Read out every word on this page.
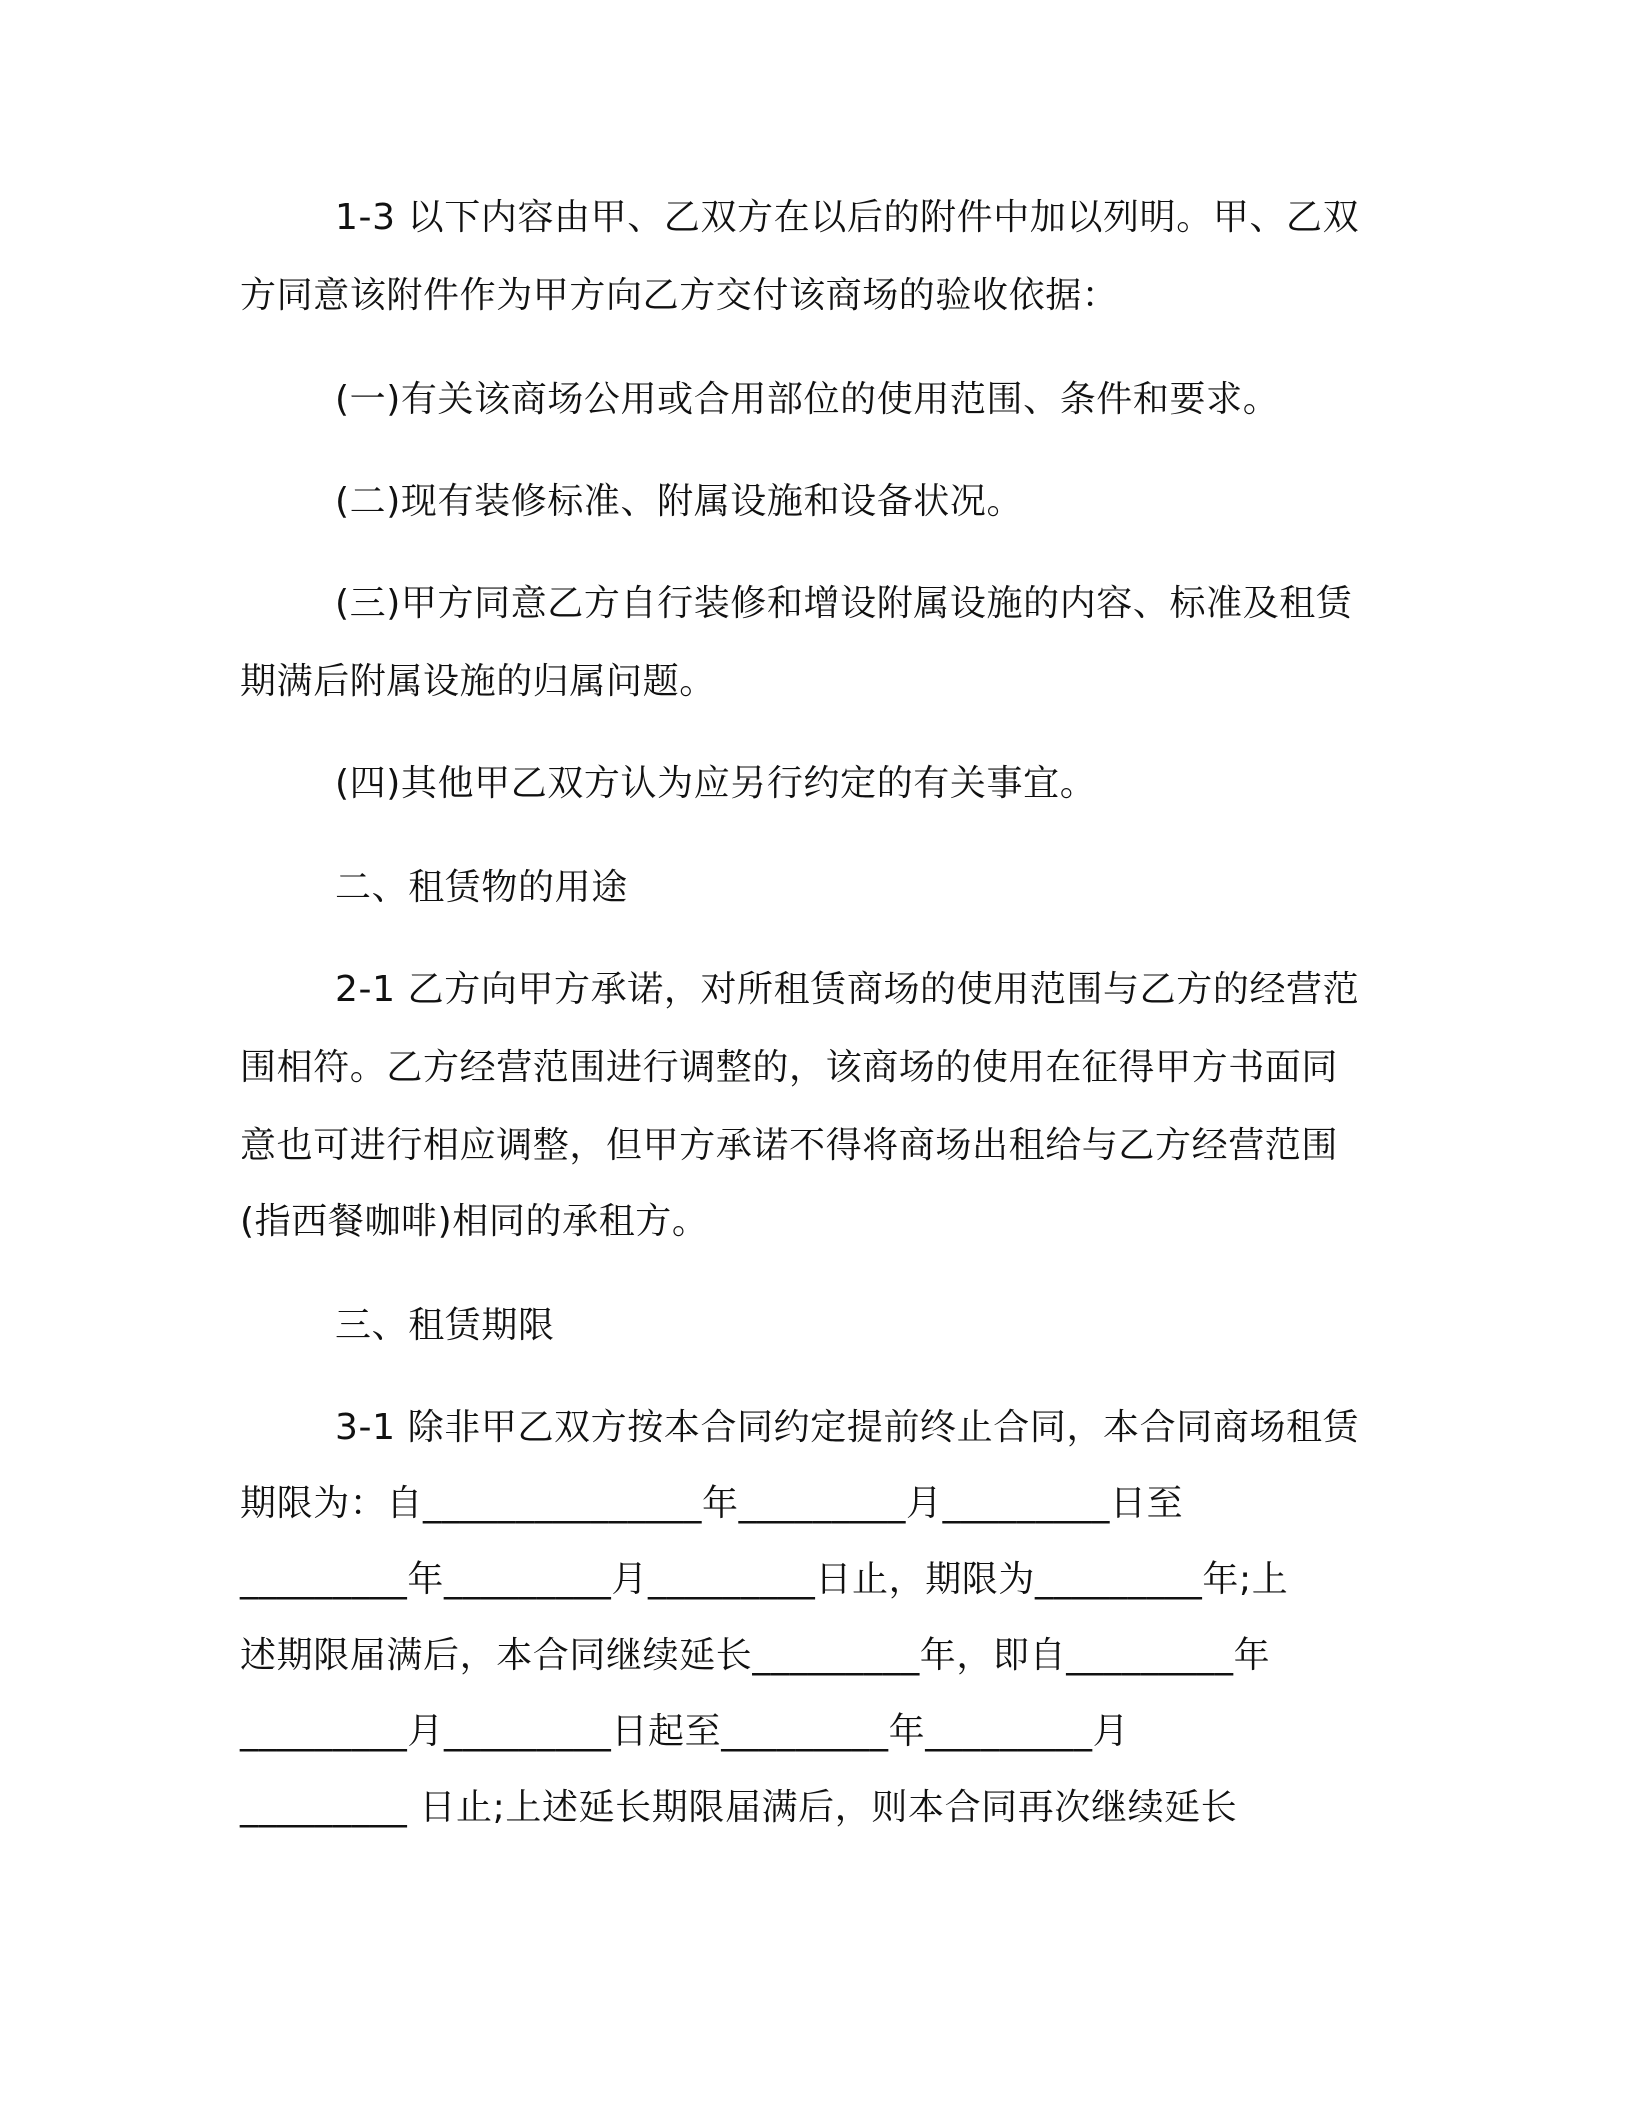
1-3 以下内容由甲、乙双方在以后的附件中加以列明。甲、乙双

方同意该附件作为甲方向乙方交付该商场的验收依据：

(一)有关该商场公用或合用部位的使用范围、条件和要求。

(二)现有装修标准、附属设施和设备状况。

(三)甲方同意乙方自行装修和增设附属设施的内容、标准及租赁

期满后附属设施的归属问题。

(四)其他甲乙双方认为应另行约定的有关事宜。

二、租赁物的用途

2-1 乙方向甲方承诺，对所租赁商场的使用范围与乙方的经营范

围相符。乙方经营范围进行调整的，该商场的使用在征得甲方书面同

意也可进行相应调整，但甲方承诺不得将商场出租给与乙方经营范围

(指西餐咖啡)相同的承租方。

三、租赁期限

3-1 除非甲乙双方按本合同约定提前终止合同，本合同商场租赁

期限为：自_______________年_________月_________日至

_________年_________月_________日止，期限为_________年;上

述期限届满后，本合同继续延长_________年，即自_________年

_________月_________日起至_________年_________月

_________ 日止;上述延长期限届满后，则本合同再次继续延长
